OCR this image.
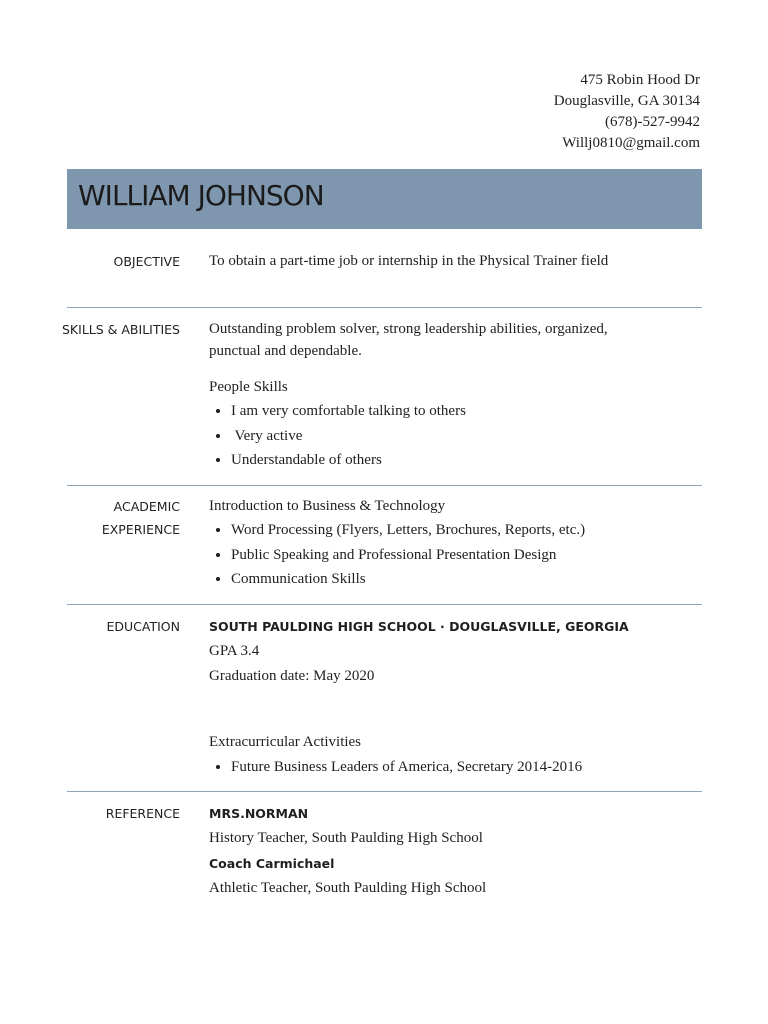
475 Robin Hood Dr
Douglasville, GA 30134
(678)-527-9942
Willj0810@gmail.com
WILLIAM JOHNSON
OBJECTIVE To obtain a part-time job or internship in the Physical Trainer field

SKILLS & ABILITIES Outstanding problem solver, strong leadership abilities, organized, punctual and dependable.

People Skills

• I am very comfortable talking to others
•  Very active
• Understandable of others
ACADEMIC
EXPERIENCE

Introduction to Business & Technology

• Word Processing (Flyers, Letters, Brochures, Reports, etc.)
• Public Speaking and Professional Presentation Design
• Communication Skills
EDUCATION SOUTH PAULDING HIGH SCHOOL · DOUGLASVILLE, GEORGIA

GPA 3.4

Graduation date: May 2020

Extracurricular Activities

• Future Business Leaders of America, Secretary 2014-2016
REFERENCE MRS.NORMAN

History Teacher, South Paulding High School

Coach Carmichael

Athletic Teacher, South Paulding High School
